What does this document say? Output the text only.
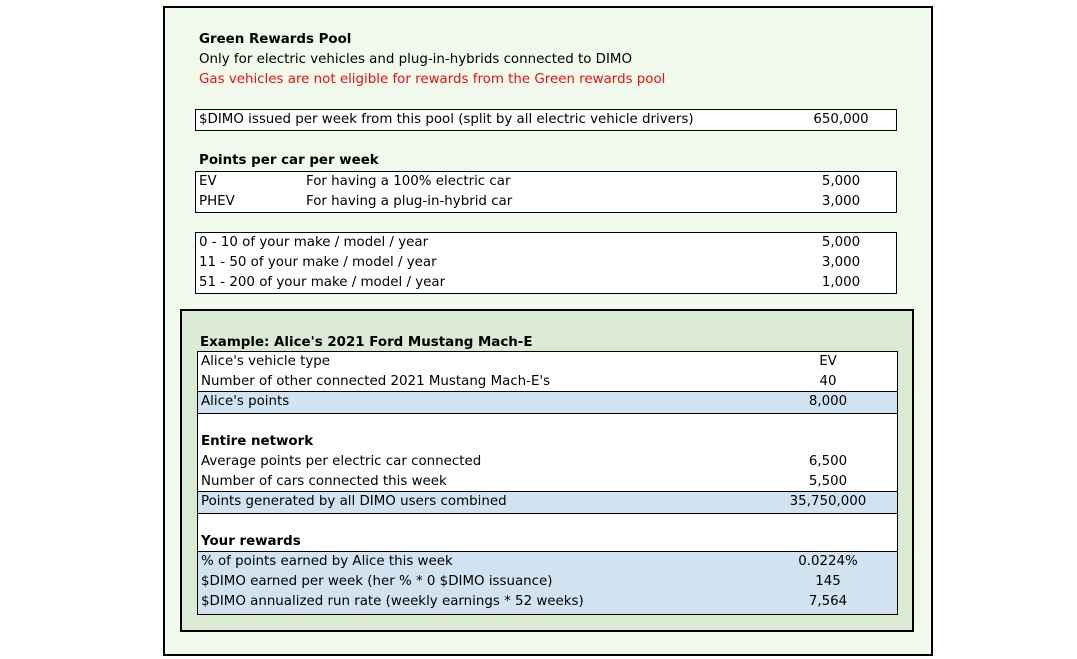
Green Rewards Pool
Only for electric vehicles and plug-in-hybrids connected to DIMO
Gas vehicles are not eligible for rewards from the Green rewards pool
$DIMO issued per week from this pool (split by all electric vehicle drivers)	650,000
Points per car per week
EV	For having a 100% electric car	5,000
PHEV	For having a plug-in-hybrid car	3,000
0 - 10 of your make / model / year	5,000
11 - 50 of your make / model / year	3,000
51 - 200 of your make / model / year	1,000
Example: Alice's 2021 Ford Mustang Mach-E
Alice's vehicle type	EV
Number of other connected 2021 Mustang Mach-E's	40
Alice's points	8,000
Entire network
Average points per electric car connected	6,500
Number of cars connected this week	5,500
Points generated by all DIMO users combined	35,750,000
Your rewards
% of points earned by Alice this week	0.0224%
$DIMO earned per week (her % * 0 $DIMO issuance)	145
$DIMO annualized run rate (weekly earnings * 52 weeks)	7,564
